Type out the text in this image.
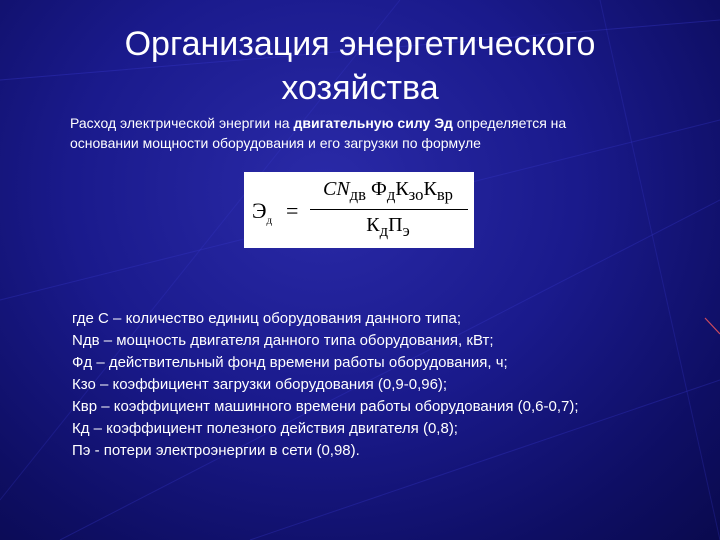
Организация энергетического хозяйства
Расход электрической энергии на двигательную силу Эд определяется на основании мощности оборудования и его загрузки по формуле
$Э_д$ =
$CN_{дв}$ $Ф_дК_{зо}К_{вр}$
$К_дП_э$
где С – количество единиц оборудования данного типа;
Nдв – мощность двигателя данного типа оборудования, кВт;
Фд – действительный фонд времени работы оборудования, ч;
Кзо – коэффициент загрузки оборудования (0,9-0,96);
Квр – коэффициент машинного времени работы оборудования (0,6-0,7);
Кд – коэффициент полезного действия двигателя (0,8);
Пэ - потери электроэнергии в сети (0,98).
